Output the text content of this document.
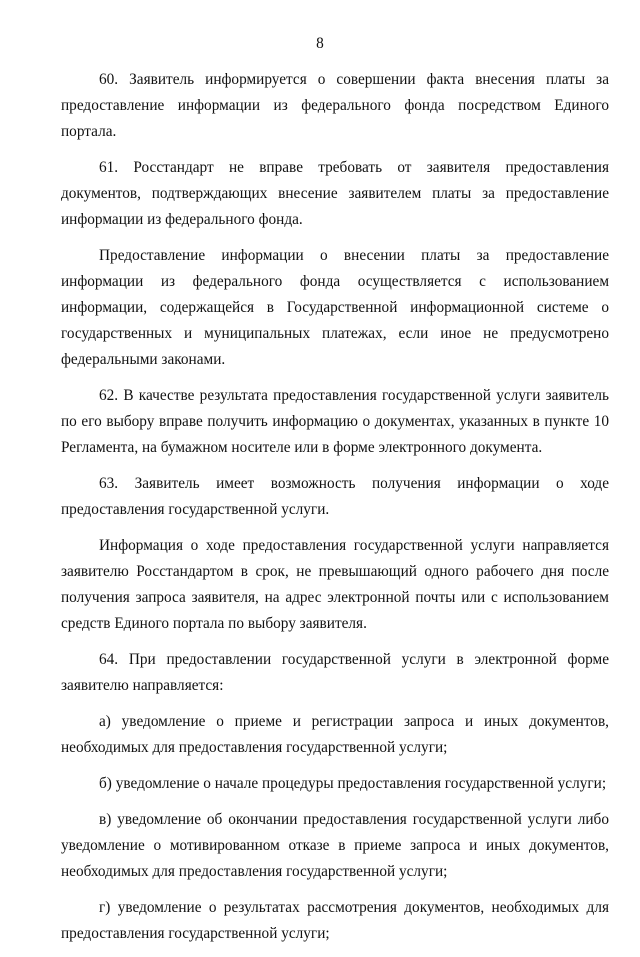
8

60. Заявитель информируется о совершении факта внесения платы за предоставление информации из федерального фонда посредством Единого портала.

61. Росстандарт не вправе требовать от заявителя предоставления документов, подтверждающих внесение заявителем платы за предоставление информации из федерального фонда.

Предоставление информации о внесении платы за предоставление информации из федерального фонда осуществляется с использованием информации, содержащейся в Государственной информационной системе о государственных и муниципальных платежах, если иное не предусмотрено федеральными законами.

62. В качестве результата предоставления государственной услуги заявитель по его выбору вправе получить информацию о документах, указанных в пункте 10 Регламента, на бумажном носителе или в форме электронного документа.

63. Заявитель имеет возможность получения информации о ходе предоставления государственной услуги.

Информация о ходе предоставления государственной услуги направляется заявителю Росстандартом в срок, не превышающий одного рабочего дня после получения запроса заявителя, на адрес электронной почты или с использованием средств Единого портала по выбору заявителя.

64. При предоставлении государственной услуги в электронной форме заявителю направляется:

а) уведомление о приеме и регистрации запроса и иных документов, необходимых для предоставления государственной услуги;

б) уведомление о начале процедуры предоставления государственной услуги;

в) уведомление об окончании предоставления государственной услуги либо уведомление о мотивированном отказе в приеме запроса и иных документов, необходимых для предоставления государственной услуги;

г) уведомление о результатах рассмотрения документов, необходимых для предоставления государственной услуги;
